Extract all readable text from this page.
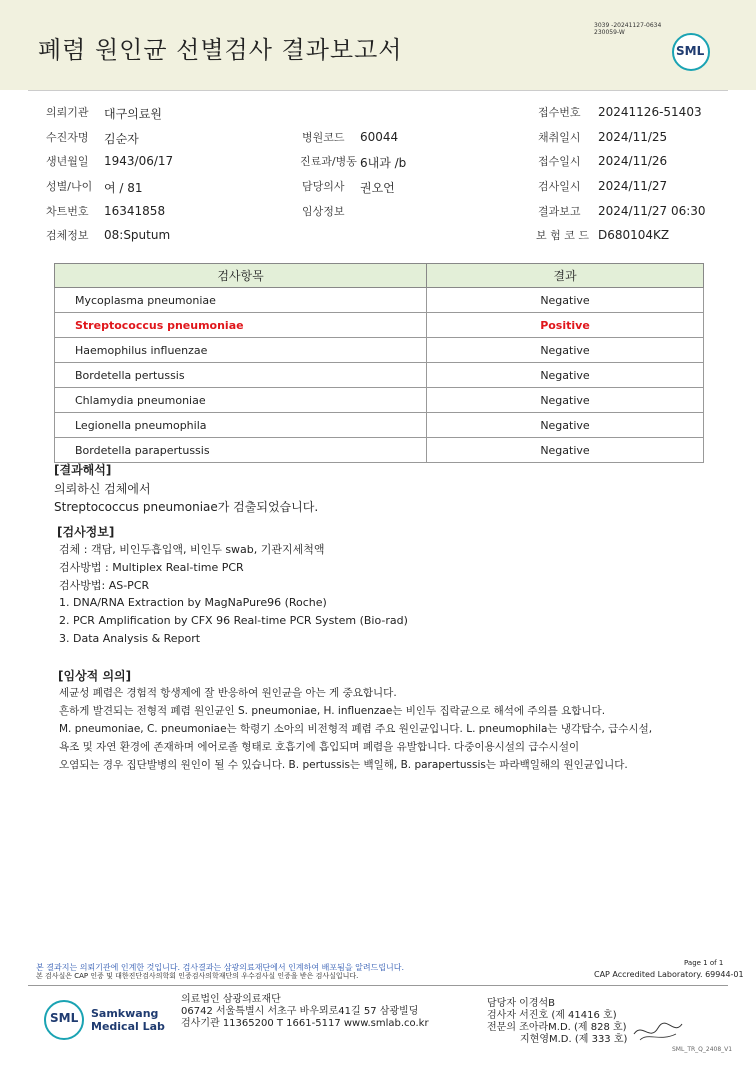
폐렴 원인균 선별검사 결과보고서
3039 -20241127-0634
230059-W
SML
의뢰기관 대구의료원	접수번호 20241126-51403
수진자명 김순자	병원코드 60044	채취일시 2024/11/25
생년월일 1943/06/17	진료과/병동 6내과 /b	접수일시 2024/11/26
성별/나이 여 / 81	담당의사 권오언	검사일시 2024/11/27
차트번호 16341858	임상정보	결과보고 2024/11/27 06:30
검체정보 08:Sputum	보 험 코 드 D680104KZ
검사항목	결과
Mycoplasma pneumoniae	Negative
Streptococcus pneumoniae	Positive
Haemophilus influenzae	Negative
Bordetella pertussis	Negative
Chlamydia pneumoniae	Negative
Legionella pneumophila	Negative
Bordetella parapertussis	Negative
[결과해석]
의뢰하신 검체에서
Streptococcus pneumoniae가 검출되었습니다.
[검사정보]
검체 : 객담, 비인두흡입액, 비인두 swab, 기관지세척액
검사방법 : Multiplex Real-time PCR
검사방법: AS-PCR
1. DNA/RNA Extraction by MagNaPure96 (Roche)
2. PCR Amplification by CFX 96 Real-time PCR System (Bio-rad)
3. Data Analysis & Report
[임상적 의의]
세균성 폐렴은 경험적 항생제에 잘 반응하여 원인균을 아는 게 중요합니다.
흔하게 발견되는 전형적 폐렴 원인균인 S. pneumoniae, H. influenzae는 비인두 집락균으로 해석에 주의를 요합니다.
M. pneumoniae, C. pneumoniae는 학령기 소아의 비전형적 폐렴 주요 원인균입니다. L. pneumophila는 냉각탑수, 급수시설,
욕조 및 자연 환경에 존재하며 에어로졸 형태로 호흡기에 흡입되며 폐렴을 유발합니다. 다중이용시설의 급수시설이
오염되는 경우 집단발병의 원인이 될 수 있습니다. B. pertussis는 백일해, B. parapertussis는 파라백일해의 원인균입니다.
본 결과지는 의뢰기관에 인계한 것입니다. 검사결과는 삼광의료재단에서 인계하여 배포됨을 알려드립니다.
본 검사실은 CAP 인증 및 대한진단검사의학회 인증검사의학재단의 우수검사실 인증을 받은 검사실입니다.
Page 1 of 1
CAP Accredited Laboratory. 69944-01
SML Samkwang
Medical Lab
의료법인 삼광의료재단
06742 서울특별시 서초구 바우뫼로41길 57 삼광빌딩
검사기관 11365200 T 1661-5117 www.smlab.co.kr
담당자 이경석B
검사자 서진호 (제 41416 호)
전문의 조아라M.D. (제 828 호)
지현영M.D. (제 333 호)
SML_TR_Q_2408_V1
